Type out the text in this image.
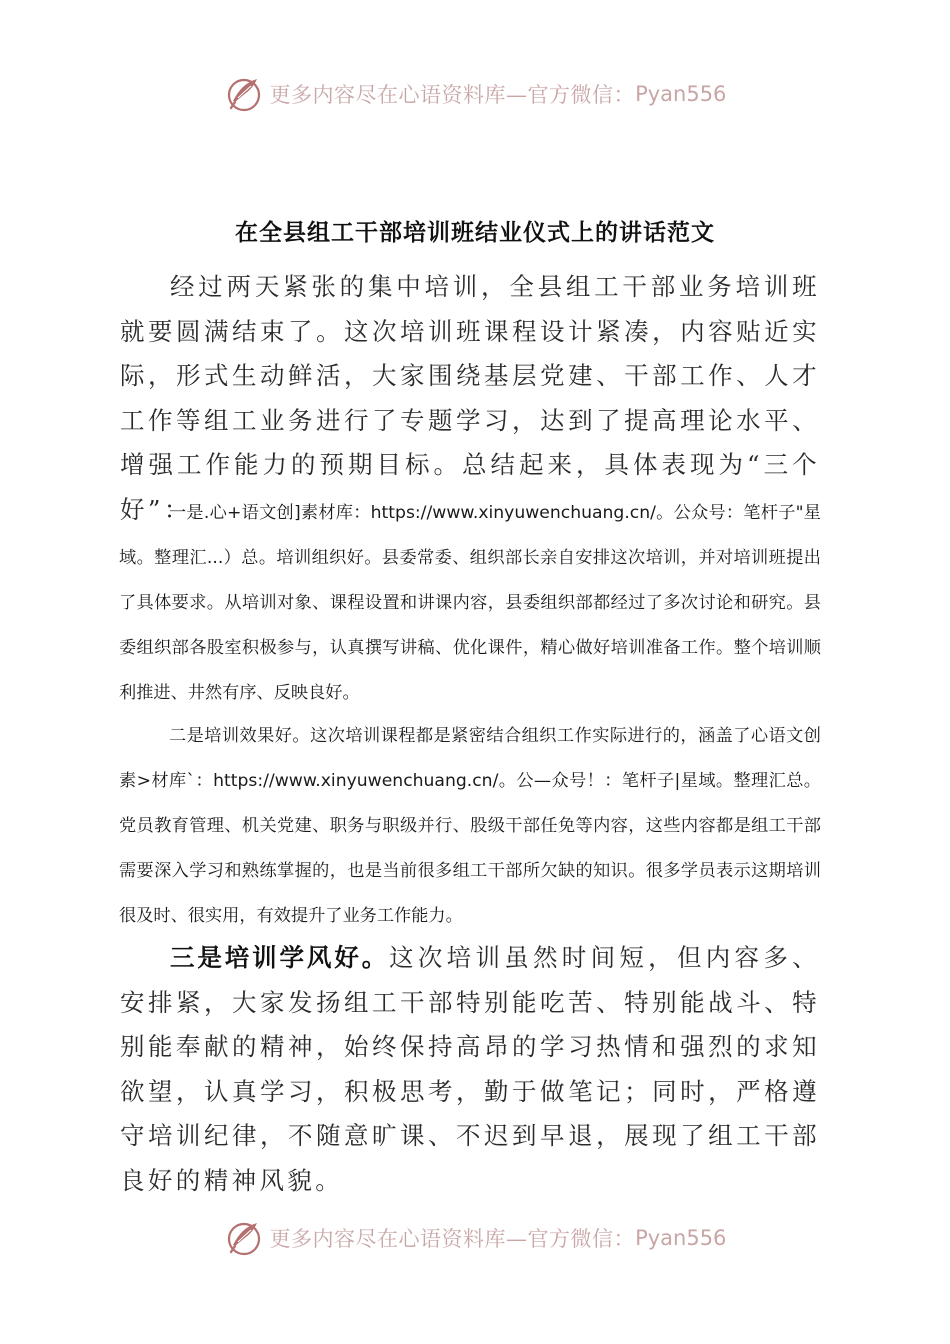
更多内容尽在心语资料库—官方微信： Pyan556
在全县组工干部培训班结业仪式上的讲话范文

经过两天紧张的集中培训，全县组工干部业务培训班就要圆满结束了。这次培训班课程设计紧凑，内容贴近实际，形式生动鲜活，大家围绕基层党建、干部工作、人才工作等组工业务进行了专题学习，达到了提高理论水平、增强工作能力的预期目标。总结起来，具体表现为“三个好”：

一是.心+语文创]素材库：https://www.xinyuwenchuang.cn/。公众号：笔杆子"星域。整理汇...）总。培训组织好。县委常委、组织部长亲自安排这次培训，并对培训班提出了具体要求。从培训对象、课程设置和讲课内容，县委组织部都经过了多次讨论和研究。县委组织部各股室积极参与，认真撰写讲稿、优化课件，精心做好培训准备工作。整个培训顺利推进、井然有序、反映良好。

二是培训效果好。这次培训课程都是紧密结合组织工作实际进行的，涵盖了心语文创素>材库`：https://www.xinyuwenchuang.cn/。公—众号！：笔杆子|星域。整理汇总。党员教育管理、机关党建、职务与职级并行、股级干部任免等内容，这些内容都是组工干部需要深入学习和熟练掌握的，也是当前很多组工干部所欠缺的知识。很多学员表示这期培训很及时、很实用，有效提升了业务工作能力。

三是培训学风好。这次培训虽然时间短，但内容多、安排紧，大家发扬组工干部特别能吃苦、特别能战斗、特别能奉献的精神，始终保持高昂的学习热情和强烈的求知欲望，认真学习，积极思考，勤于做笔记；同时，严格遵守培训纪律，不随意旷课、不迟到早退，展现了组工干部良好的精神风貌。

更多内容尽在心语资料库—官方微信： Pyan556
